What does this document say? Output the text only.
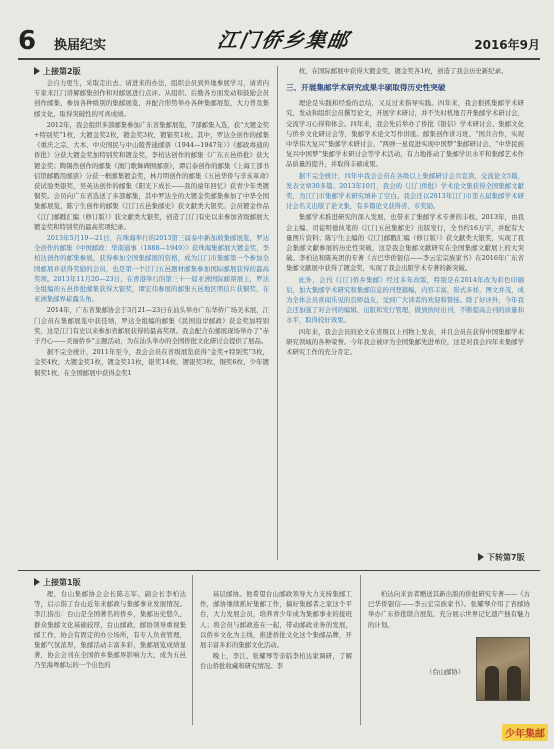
6 换届纪实	江门侨乡集邮	2016年9月
上接第2版

会自力更生，采取走出去、请进来的办法，组织会员到外地参展学习，请省内专家来江门讲解邮集创作和对邮展进行点评。从组织、后勤各方面发动和鼓励会员创作邮集、参加各种级别的集邮展览，并配合形势举办各种集邮展览，大力普及集邮文化，取得突破性的可喜成绩。

2012年，我会组织多部邮集参加广东省集邮展览，7部邮集入选，获“大镀金奖+特别奖”1枚，大镀金奖2枚，镀金奖3枚，镀银奖1枚。其中，罗达全创作的邮集《重庆之宗、大本、中央国民与中山陵普通邮票（1944—1947年）》《邮政毒通的侨批》分获大镀金奖加特别奖和镀金奖，李柏达创作的邮集《广东五邑侨批》获大镀金奖；陶锡然创作的邮集《澳门歌舞碑围邮票》，谭启泰创作的邮集《上海工部书信馆邮戳用邮票》分获一框邮集镀金奖，林月明创作的邮集《五邑华侨与辛亥革命》获试验类银奖，吴英达创作的邮集《阳光下成长——我的童年回忆》获青少年类镀铜奖。会员向广东省选送了多部邮集，其中罗达全的大镀金奖邮集参加了中华全国集邮展览，陈宁生创作的邮集《江门五邑集邮史》获文献类大银奖。会员镀金作品《江门邮戳汇编（修订版）》获文献类大银奖，创造了江门有史以来参加省级邮展大镀金奖和特别奖的最高奖项纪录。

2013年5月19—21日，在珠海举行的2013第三届泰中新加坡集邮展览，罗达全创作的邮集《中国邮政：华南通事（1888—1949）》获珠海集邮展大镀金奖，李柏达创作的邮集参展，获得参加全国集邮展的资格，成为江门市集邮第一个参加全国邮展并获得奖励的会员，也是第一个江门五邑题材邮集参加国际邮展获得的最高奖项。2013年11月20—23日，在香港举行的第三十一届亚洲国际邮票展上，罗达全组编的五邑侨批邮集获得大银奖，谭宏伟参展的邮集五邑地区明信片获铜奖，在亚洲集邮界崭露头角。

2014年，广东省集邮协会于3月21—23日在汕头举办广东华侨广场美术展，江门会员在集邮展览中获佳绩，罗达全组编的邮集《民国沿岸邮政》获金奖加特别奖，这是江门有史以来参加省邮展获得的最高奖项。我会配合在邮展现场举办了“赤子丹心——美丽侨乡”主题活动，为在汕头举办的全国侨批文化研讨会提供了展品。

据不完全统计，2011年至今，我会会员在省级展览获得“金奖+特别奖”3枚，金奖4枚，大镀金奖1枚，镀金奖11枚，银奖14枚，镀银奖3枚、铜奖6枚、少年镀铜奖1枚，在全国邮展中获得金奖1

枚，在国际邮展中获得大镀金奖，镀金奖各1枚，创造了我会历史新纪录。

三、开展集邮学术研究成果丰硕取得历史性突破

理论是实践和经验的总结，又反过来指导实践。四年来，我会狠抓集邮学术研究，发动和组织会员撰写论文，开展学术研讨，并不失时机地召开集邮学术研讨会，交流学习心得和体会。四年来，我会先后举办了侨批《银信》学术研讨会、集邮文化与侨乡文化研讨会等，集邮学术论文写作讲座。邮集创作讲习班、“国共合作，实现中华伟大复兴”集邮学术研讨会、“两弹一星促进实现中国梦”集邮研讨会、“中华民族复兴中国梦”集邮学术研讨会等学术活动，有力地推动了集邮学识水平和集邮艺术作品质量的提升，并取得丰硕成果。

据不完全统计，四年中我会会员在各级以上集邮研讨会共宣读、交流论文5篇，发表文章30多篇。2013年10月，我会的《江门侨批》学术论文集获得全国集邮文献奖，为江门市集邮学术研究填补了空白。我会还以2013年江门市第五届集邮学术研讨会名义出版了论文集，有多篇论文获得省、市奖励。

集邮学术推进研究的深入发展，也带来了集邮学术专著的丰收。2013年，由我会主编、司徒明德执笔的《江门五邑集邮史》出版发行，全书约16万字，并配有大量图片资料；陈宁生主编的《江门邮戳汇编（修订版）》获文献类大银奖，实现了我会集邮文献参展的历史性突破，这是我会集邮文献研究在全国集邮文献展上的大突破。李柏达和陈英团的专著《古巴华侨银信——李云宏宗族家书》在2016年广东省集邮文献展中获得了镀金奖，实现了我会出版学术专著的新突破。

此外，会刊《江门侨乡集邮》经过多年改版，特别是在2014年改为彩色印刷后，加大集邮学术研究和集邮信息的刊登篇幅，内容丰富，形式多样，图文并茂，成为全体会员喜闻乐见的良师益友，受到广大读者的欢迎和赞扬。除了好评外，今年我会还加强了对会刊的编辑、出版和发行管理，做到按时出刊，不断提高会刊的质量和水平，取得较好效果。

四年来，我会会员的论文在省级以上刊物上发表，并且会员在获得中国集邮学术研究领域的各种荣誉。今年我会被评为全国集邮先进单位，这是对我会四年来集邮学术研究工作的充分肯定。

下转第7版
上接第1版

理，台山集邮协会会长陈志军、副会长李柏达等，启示指了台山近年来邮政与集邮事业发展情况。李江指出：台山是全国著名的侨乡，集邮历史悠久，群众集邮文化基础较厚，台山邮政、邮协领导重视集邮工作，协会有固定的办公场所，有专人负责管理，集邮气氛浓厚，集邮活动丰富多彩，集邮展览成绩显著，协会会刊在全国侨乡集邮界影响力大，成为五邑乃至海粤邮坛的一个出色的

基层邮协。他希望台山邮政领导大力支持集邮工作，邮协继续抓好集邮工作，搞好集邮者之家这个平台，大力发展会员，培养青少年成为集邮事业的接班人；将会员与邮政连在一起，带动邮政业务的发展，以侨乡文化为主线，推进侨批文化这个集邮品牌，开展丰富多彩的集邮文化活动。

晚上，李江、张耀琴等亲临李柏达家调研，了解台山侨批收藏和研究情况。李

柏达向来访者赠送其新出版的侨批研究专著——《古巴华侨银信——李云宏宗族家书》。张耀琴介绍了省邮协举办广东侨批联合展览，充分展示世界记忆遗产独有魅力的计划。

（台山邮协）
少年集邮
